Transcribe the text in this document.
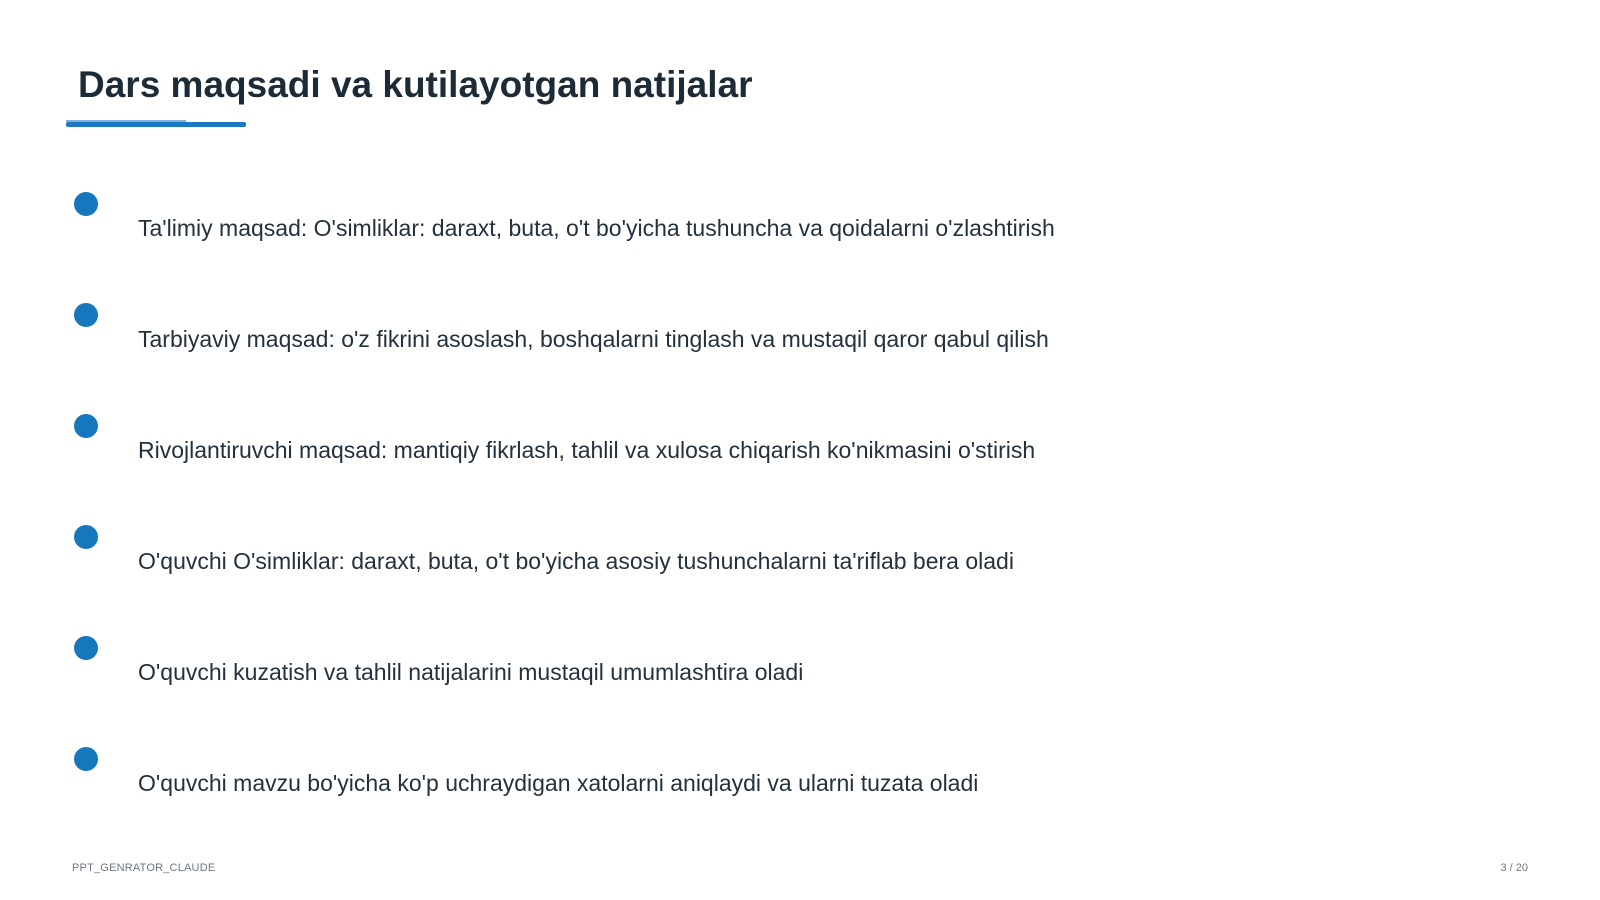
Dars maqsadi va kutilayotgan natijalar
Ta'limiy maqsad: O'simliklar: daraxt, buta, o't bo'yicha tushuncha va qoidalarni o'zlashtirish
Tarbiyaviy maqsad: o'z fikrini asoslash, boshqalarni tinglash va mustaqil qaror qabul qilish
Rivojlantiruvchi maqsad: mantiqiy fikrlash, tahlil va xulosa chiqarish ko'nikmasini o'stirish
O'quvchi O'simliklar: daraxt, buta, o't bo'yicha asosiy tushunchalarni ta'riflab bera oladi
O'quvchi kuzatish va tahlil natijalarini mustaqil umumlashtira oladi
O'quvchi mavzu bo'yicha ko'p uchraydigan xatolarni aniqlaydi va ularni tuzata oladi
PPT_GENRATOR_CLAUDE	3 / 20
